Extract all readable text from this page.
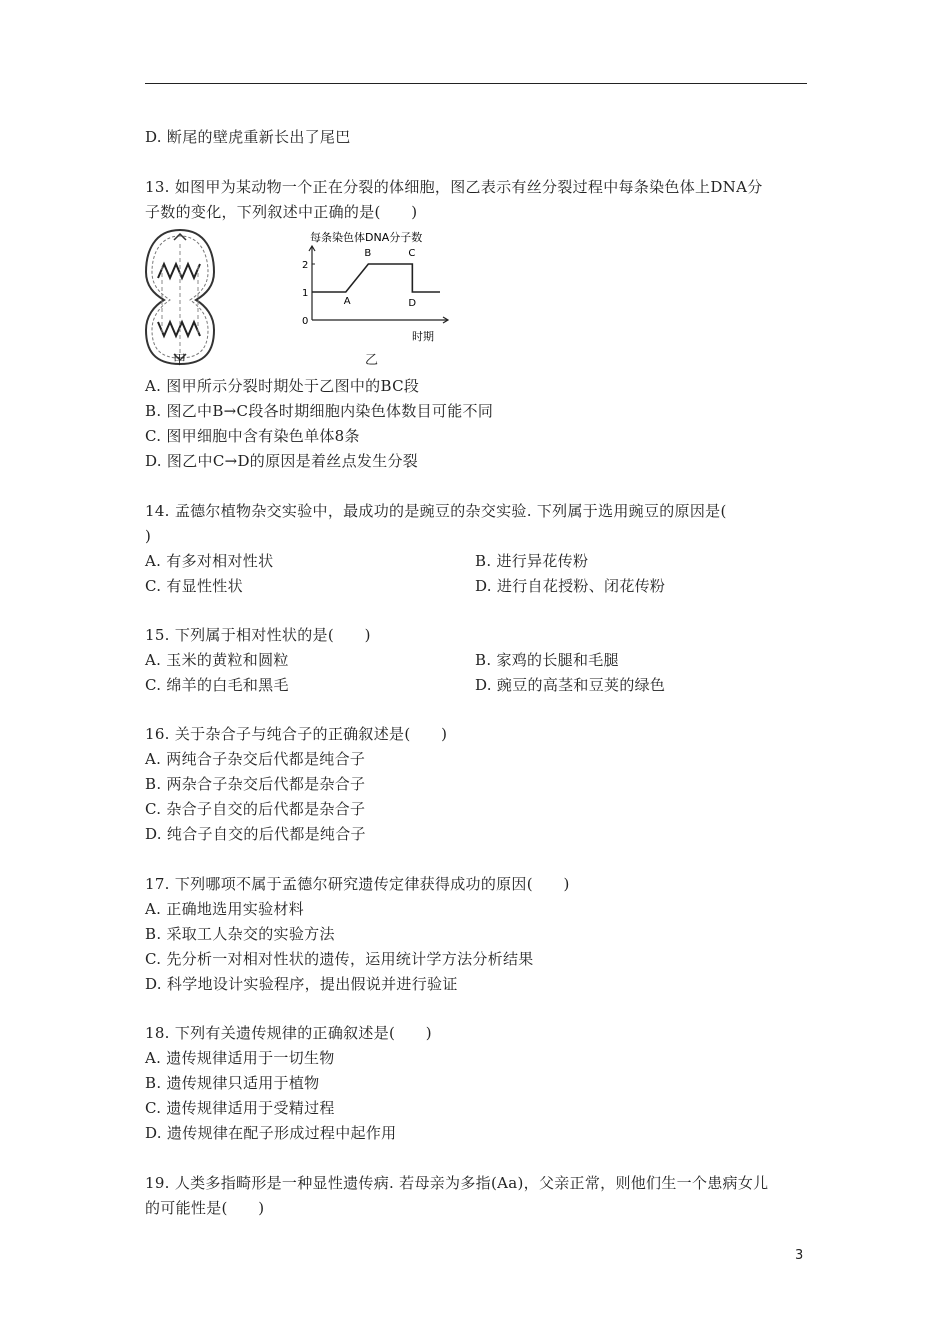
D. 断尾的壁虎重新长出了尾巴
13. 如图甲为某动物一个正在分裂的体细胞，图乙表示有丝分裂过程中每条染色体上DNA分
子数的变化，下列叙述中正确的是(　　)
甲
每条染色体DNA分子数
时期
0
1
2
A
B	C
D
乙
A. 图甲所示分裂时期处于乙图中的BC段
B. 图乙中B→C段各时期细胞内染色体数目可能不同
C. 图甲细胞中含有染色单体8条
D. 图乙中C→D的原因是着丝点发生分裂
14. 孟德尔植物杂交实验中，最成功的是豌豆的杂交实验. 下列属于选用豌豆的原因是(
)
A. 有多对相对性状	B. 进行异花传粉
C. 有显性性状	D. 进行自花授粉、闭花传粉
15. 下列属于相对性状的是(　　)
A. 玉米的黄粒和圆粒	B. 家鸡的长腿和毛腿
C. 绵羊的白毛和黑毛	D. 豌豆的高茎和豆荚的绿色
16. 关于杂合子与纯合子的正确叙述是(　　)
A. 两纯合子杂交后代都是纯合子
B. 两杂合子杂交后代都是杂合子
C. 杂合子自交的后代都是杂合子
D. 纯合子自交的后代都是纯合子
17. 下列哪项不属于孟德尔研究遗传定律获得成功的原因(　　)
A. 正确地选用实验材料
B. 采取工人杂交的实验方法
C. 先分析一对相对性状的遗传，运用统计学方法分析结果
D. 科学地设计实验程序，提出假说并进行验证
18. 下列有关遗传规律的正确叙述是(　　)
A. 遗传规律适用于一切生物
B. 遗传规律只适用于植物
C. 遗传规律适用于受精过程
D. 遗传规律在配子形成过程中起作用
19. 人类多指畸形是一种显性遗传病. 若母亲为多指(Aa)，父亲正常，则他们生一个患病女儿
的可能性是(　　)
3
